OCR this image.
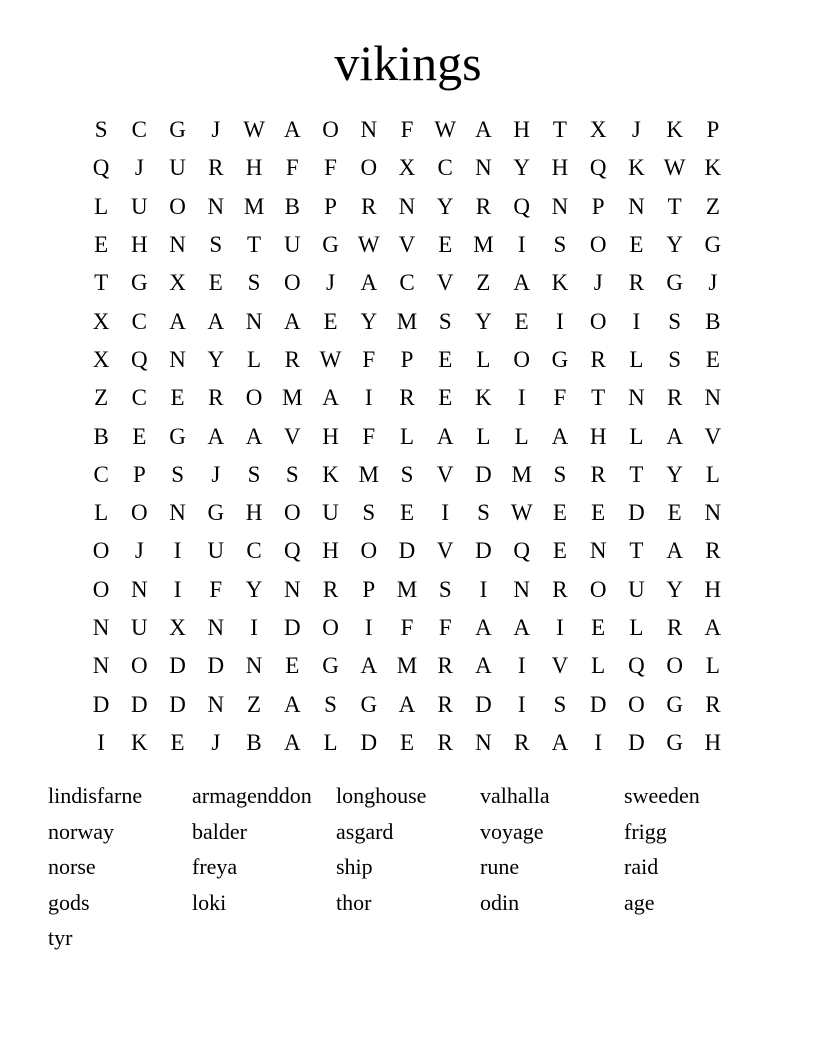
vikings
S	C G	J W A O N	F W A H T X	J	K	P
Q	J	U R H	F	F	O X C N Y H Q K W K
L U O N M B	P	R N Y R Q N	P	N T	Z
E H N	S	T U G W V E M	I	S	O E Y G
T G X E	S	O	J	A C V Z A K	J	R G	J
X C A A N A E Y M S	Y E	I	O	I	S	B
X Q N Y L	R W F	P	E	L O G R	L	S	E
Z	C	E	R O M A	I	R	E K	I	F	T N R N
B	E G A A V H	F	L A L	L A H L A V
C	P	S	J	S	S	K M S	V D M S	R	T Y L
L O N G H O U	S	E	I	S W E	E D E N
O	J	I	U C Q H O D V D Q E N T A R
O N	I	F	Y N R	P M S	I	N R O U Y H
N U X N	I	D O	I	F	F	A A	I	E	L	R A
N O D D N E G A M R A	I	V L Q O L
D D D N Z A	S	G A R D	I	S	D O G R
I	K E	J	B A L D E	R N R A	I	D G H
lindisfarne	armagenddon	longhouse	valhalla	sweeden
norway	balder	asgard	voyage	frigg
norse	freya	ship	rune	raid
gods	loki	thor	odin	age
tyr
